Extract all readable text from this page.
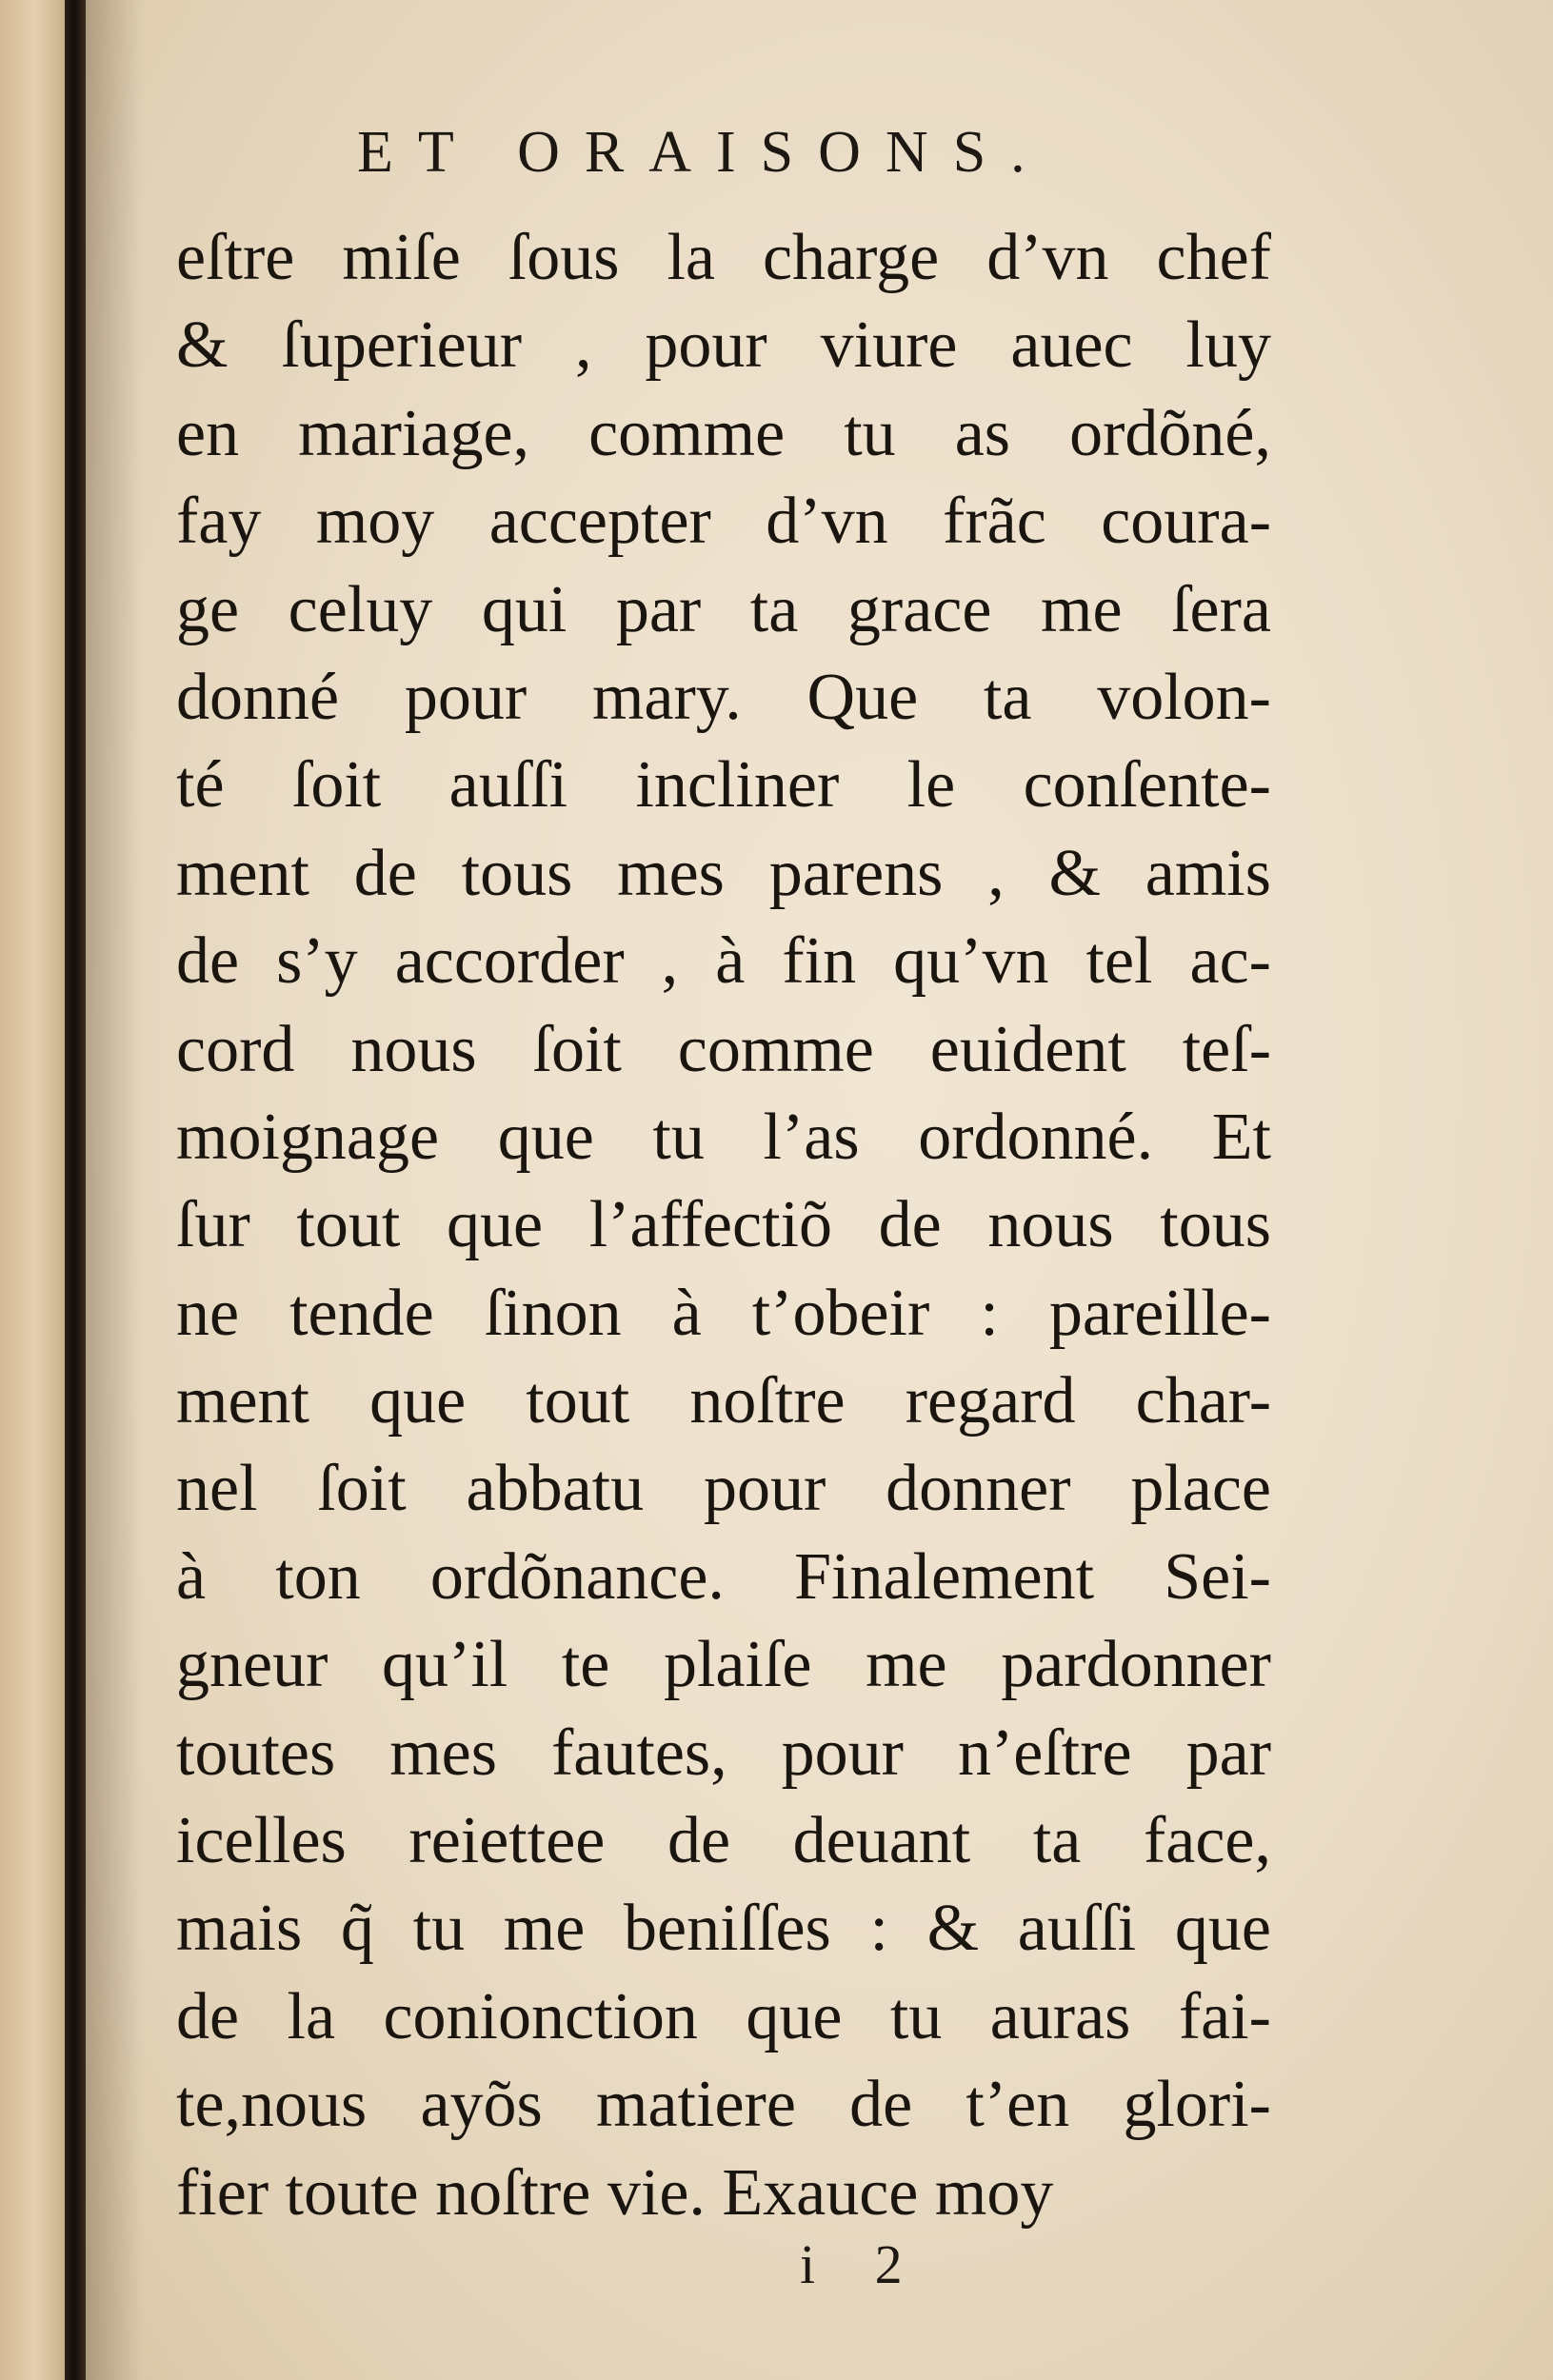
ET ORAISONS.
eſtre miſe ſous la charge d’vn chef
& ſuperieur , pour viure auec luy
en mariage, comme tu as ordõné,
fay moy accepter d’vn frãc coura-
ge celuy qui par ta grace me ſera
donné pour mary. Que ta volon-
té ſoit auſſi incliner le conſente-
ment de tous mes parens , & amis
de s’y accorder , à fin qu’vn tel ac-
cord nous ſoit comme euident teſ-
moignage que tu l’as ordonné. Et
ſur tout que l’affectiõ de nous tous
ne tende ſinon à t’obeir : pareille-
ment que tout noſtre regard char-
nel ſoit abbatu pour donner place
à ton ordõnance. Finalement Sei-
gneur qu’il te plaiſe me pardonner
toutes mes fautes, pour n’eſtre par
icelles reiettee de deuant ta face,
mais q̃ tu me beniſſes : & auſſi que
de la conionction que tu auras fai-
te,nous ayõs matiere de t’en glori-
fier toute noſtre vie. Exauce moy
i 2
